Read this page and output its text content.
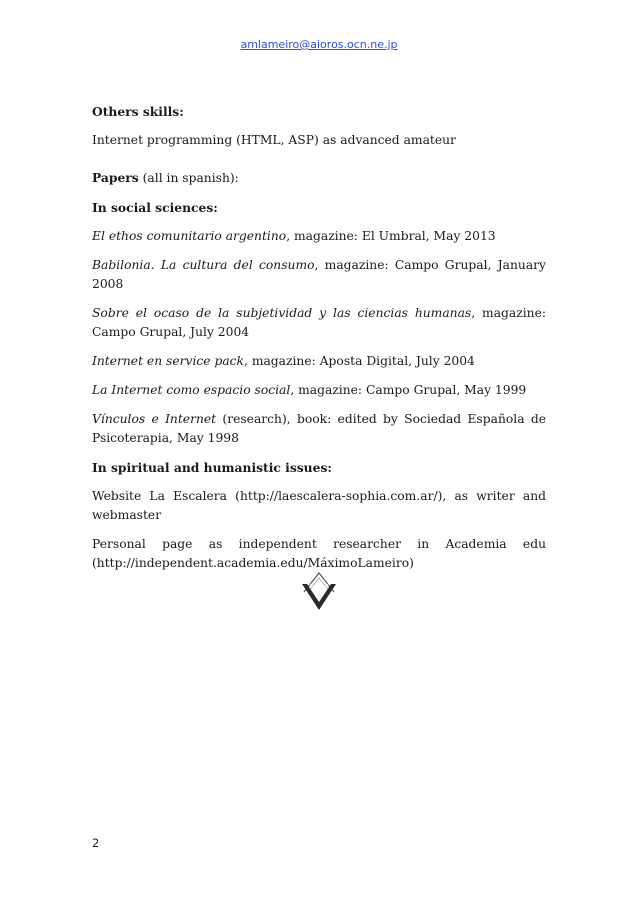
amlameiro@aioros.ocn.ne.jp

Others skills:

Internet programming (HTML, ASP) as advanced amateur

Papers (all in spanish):

In social sciences:

El ethos comunitario argentino, magazine: El Umbral, May 2013

Babilonia. La cultura del consumo, magazine: Campo Grupal, January 2008

Sobre el ocaso de la subjetividad y las ciencias humanas, magazine: Campo Grupal, July 2004

Internet en service pack, magazine: Aposta Digital, July 2004

La Internet como espacio social, magazine: Campo Grupal, May 1999

Vínculos e Internet (research), book: edited by Sociedad Española de Psicoterapia, May 1998

In spiritual and humanistic issues:

Website La Escalera (http://laescalera-sophia.com.ar/), as writer and webmaster

Personal page as independent researcher in Academia edu

(http://independent.academia.edu/MáximoLameiro)

2
